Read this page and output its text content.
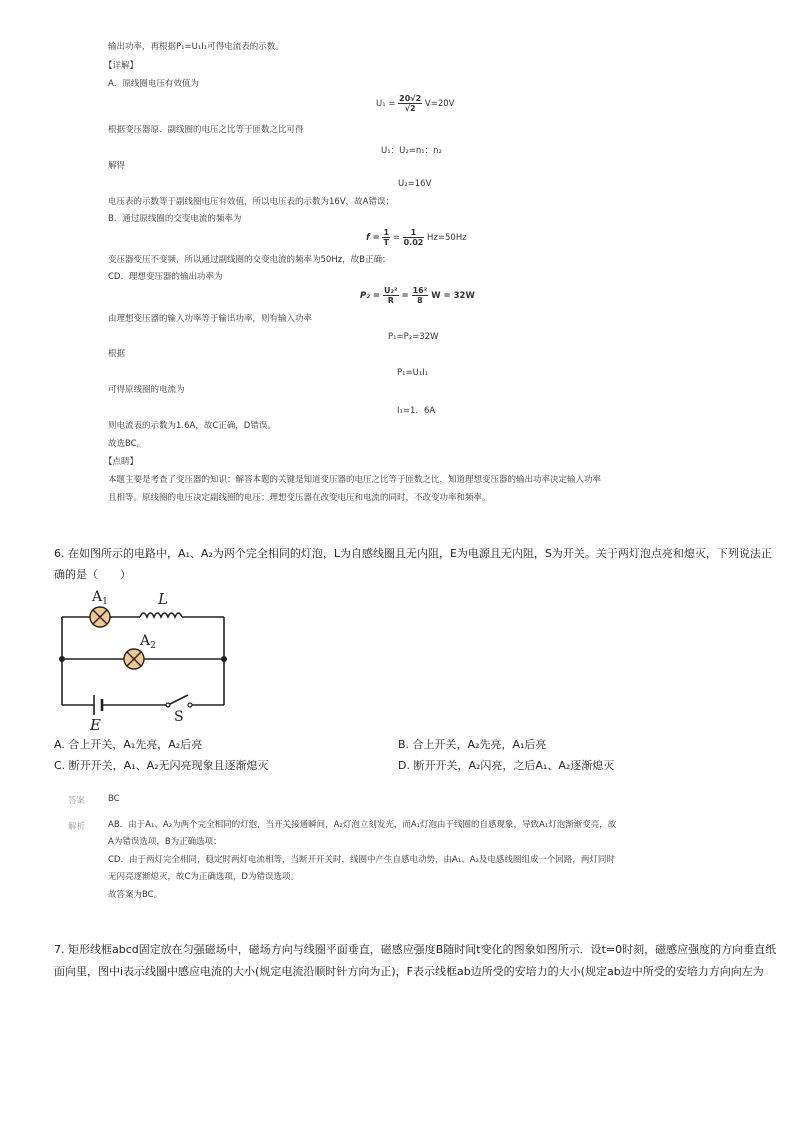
输出功率，再根据P₁=U₁I₁可得电流表的示数。
【详解】
A．原线圈电压有效值为
$U_1 = \frac{20√2}{√2} V=20V$
根据变压器原、副线圈的电压之比等于匝数之比可得
U₁：U₂=n₁：n₂
解得
U₂=16V
电压表的示数等于副线圈电压有效值，所以电压表的示数为16V，故A错误；
B．通过原线圈的交变电流的频率为
$f = \frac{1}{T} = \frac{1}{0.02} Hz=50Hz$
变压器变压不变频，所以通过副线圈的交变电流的频率为50Hz，故B正确；
CD．理想变压器的输出功率为
$P_2 = \frac{\text{U₂²}}{R} = \frac{\text{16²}}{8}$ W = 32W
由理想变压器的输入功率等于输出功率，则有输入功率
P₁=P₂=32W
根据
P₁=U₁I₁
可得原线圈的电流为
I₁=1．6A
则电流表的示数为1.6A，故C正确，D错误。
故选BC。
【点睛】
本题主要是考查了变压器的知识；解答本题的关键是知道变压器的电压之比等于匝数之比，知道理想变压器的输出功率决定输入功率
且相等。原线圈的电压决定副线圈的电压；理想变压器在改变电压和电流的同时，不改变功率和频率。
6. 在如图所示的电路中，A₁、A₂为两个完全相同的灯泡，L为自感线圈且无内阻，E为电源且无内阻，S为开关。关于两灯泡点亮和熄灭，下列说法正
确的是（　　）
$A_1$	L
$A_2$
E	S
A. 合上开关，A₁先亮，A₂后亮	B. 合上开关，A₂先亮，A₁后亮
C. 断开开关，A₁、A₂无闪亮现象且逐渐熄灭	D. 断开开关，A₂闪亮，之后A₁、A₂逐渐熄灭
答案	BC
解析	AB．由于A₁、A₂为两个完全相同的灯泡，当开关接通瞬间，A₂灯泡立刻发光，而A₁灯泡由于线圈的自感现象，导致A₁灯泡渐渐变亮，故
A为错误选项，B为正确选项；
CD．由于两灯完全相同，稳定时两灯电流相等，当断开开关时，线圈中产生自感电动势，由A₁、A₂及电感线圈组成一个回路，两灯同时
无闪亮逐渐熄灭，故C为正确选项，D为错误选项。
故答案为BC。
7. 矩形线框abcd固定放在匀强磁场中，磁场方向与线圈平面垂直，磁感应强度B随时间t变化的图象如图所示．设t=0时刻，磁感应强度的方向垂直纸
面向里，图中i表示线圈中感应电流的大小(规定电流沿顺时针方向为正)，F表示线框ab边所受的安培力的大小(规定ab边中所受的安培力方向向左为
